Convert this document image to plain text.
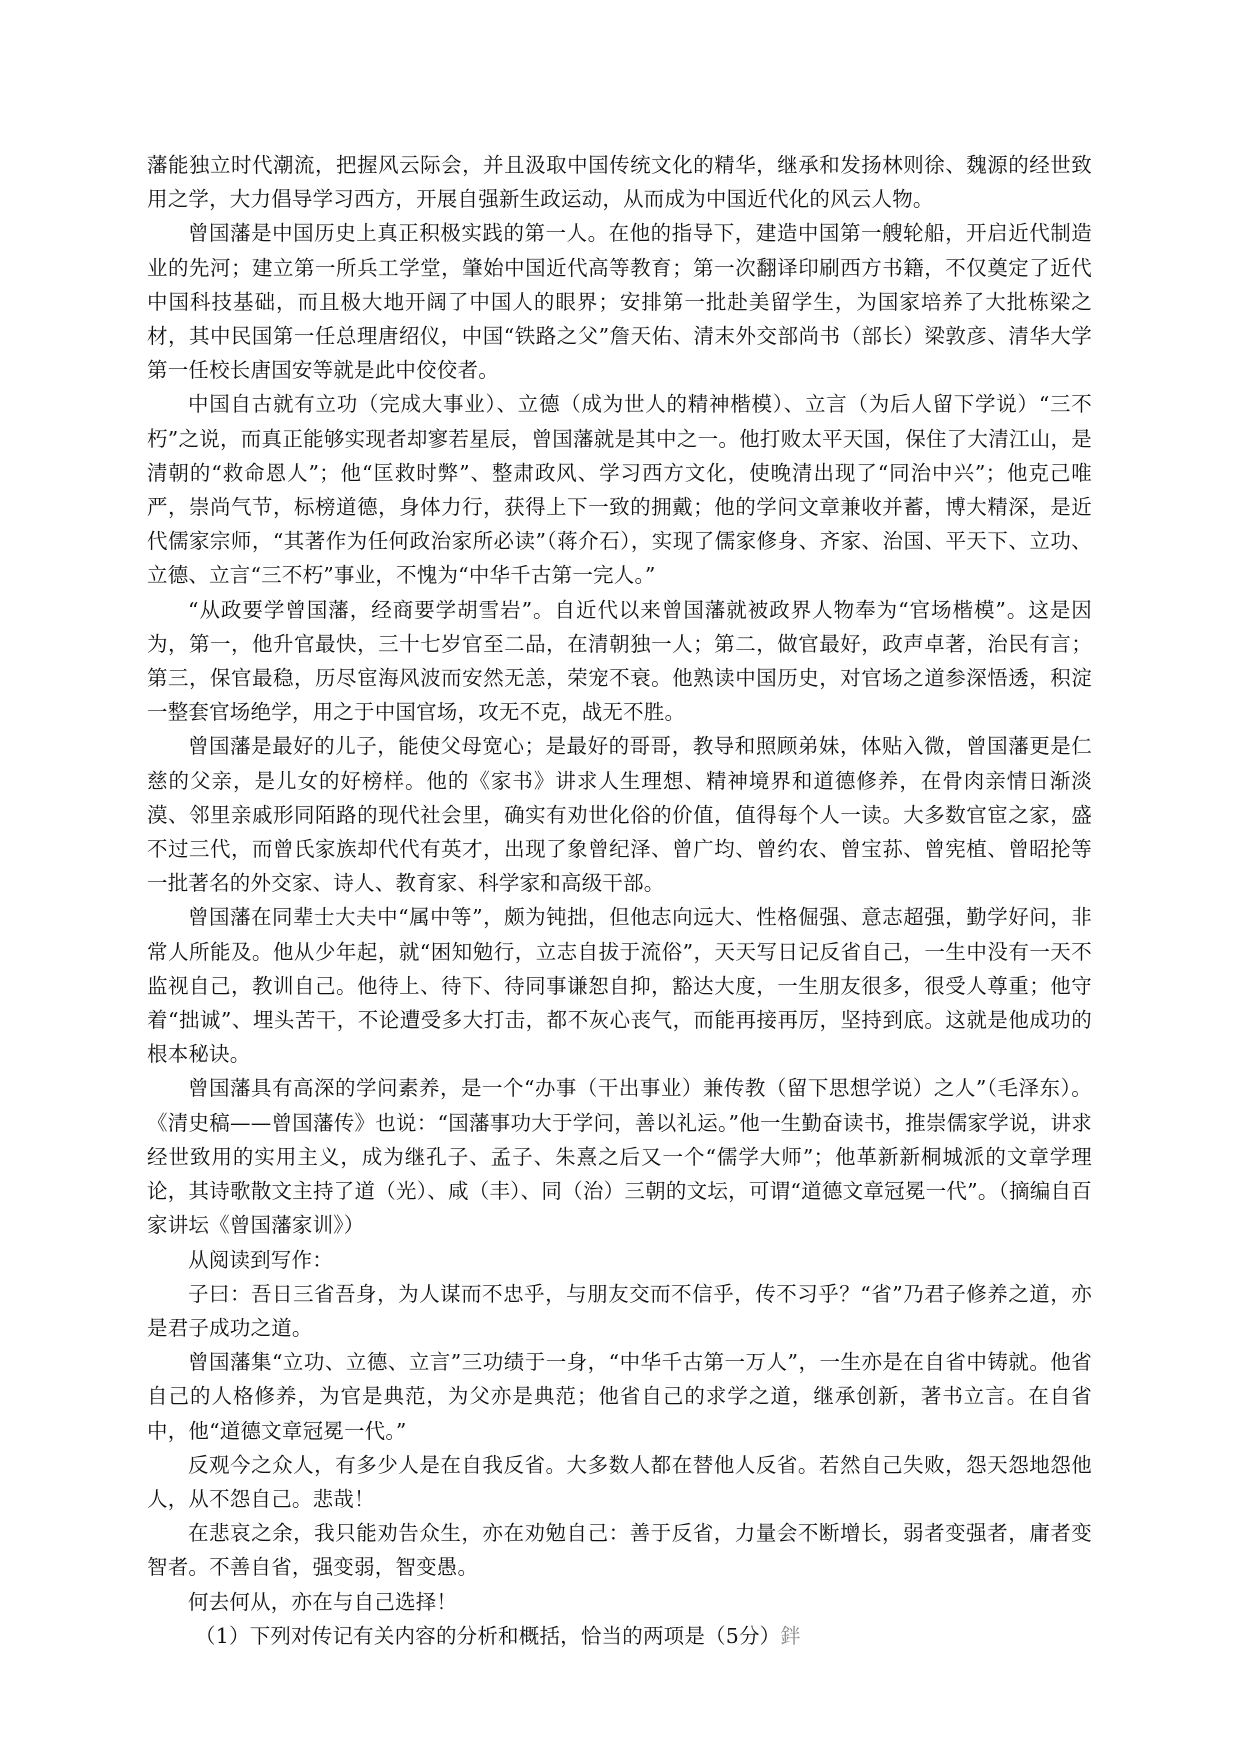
藩能独立时代潮流，把握风云际会，并且汲取中国传统文化的精华，继承和发扬林则徐、魏源的经世致用之学，大力倡导学习西方，开展自强新生政运动，从而成为中国近代化的风云人物。

曾国藩是中国历史上真正积极实践的第一人。在他的指导下，建造中国第一艘轮船，开启近代制造业的先河；建立第一所兵工学堂，肇始中国近代高等教育；第一次翻译印刷西方书籍，不仅奠定了近代中国科技基础，而且极大地开阔了中国人的眼界；安排第一批赴美留学生，为国家培养了大批栋梁之材，其中民国第一任总理唐绍仪，中国“铁路之父”詹天佑、清末外交部尚书（部长）梁敦彦、清华大学第一任校长唐国安等就是此中佼佼者。

中国自古就有立功（完成大事业）、立德（成为世人的精神楷模）、立言（为后人留下学说）“三不朽”之说，而真正能够实现者却寥若星辰，曾国藩就是其中之一。他打败太平天国，保住了大清江山，是清朝的“救命恩人”；他“匡救时弊”、整肃政风、学习西方文化，使晚清出现了“同治中兴”；他克己唯严，崇尚气节，标榜道德，身体力行，获得上下一致的拥戴；他的学问文章兼收并蓄，博大精深，是近代儒家宗师，“其著作为任何政治家所必读”（蒋介石），实现了儒家修身、齐家、治国、平天下、立功、立德、立言“三不朽”事业，不愧为“中华千古第一完人。”

“从政要学曾国藩，经商要学胡雪岩”。自近代以来曾国藩就被政界人物奉为“官场楷模”。这是因为，第一，他升官最快，三十七岁官至二品，在清朝独一人；第二，做官最好，政声卓著，治民有言；第三，保官最稳，历尽宦海风波而安然无恙，荣宠不衰。他熟读中国历史，对官场之道参深悟透，积淀一整套官场绝学，用之于中国官场，攻无不克，战无不胜。

曾国藩是最好的儿子，能使父母宽心；是最好的哥哥，教导和照顾弟妹，体贴入微，曾国藩更是仁慈的父亲，是儿女的好榜样。他的《家书》讲求人生理想、精神境界和道德修养，在骨肉亲情日渐淡漠、邻里亲戚形同陌路的现代社会里，确实有劝世化俗的价值，值得每个人一读。大多数官宦之家，盛不过三代，而曾氏家族却代代有英才，出现了象曾纪泽、曾广均、曾约农、曾宝荪、曾宪植、曾昭抡等一批著名的外交家、诗人、教育家、科学家和高级干部。

曾国藩在同辈士大夫中“属中等”，颇为钝拙，但他志向远大、性格倔强、意志超强，勤学好问，非常人所能及。他从少年起，就“困知勉行，立志自拔于流俗”，天天写日记反省自己，一生中没有一天不监视自己，教训自己。他待上、待下、待同事谦恕自抑，豁达大度，一生朋友很多，很受人尊重；他守着“拙诚”、埋头苦干，不论遭受多大打击，都不灰心丧气，而能再接再厉，坚持到底。这就是他成功的根本秘诀。

曾国藩具有高深的学问素养，是一个“办事（干出事业）兼传教（留下思想学说）之人”（毛泽东）。《清史稿——曾国藩传》也说：“国藩事功大于学问，善以礼运。”他一生勤奋读书，推崇儒家学说，讲求经世致用的实用主义，成为继孔子、孟子、朱熹之后又一个“儒学大师”；他革新新桐城派的文章学理论，其诗歌散文主持了道（光）、咸（丰）、同（治）三朝的文坛，可谓“道德文章冠冕一代”。（摘编自百家讲坛《曾国藩家训》）

从阅读到写作：

子曰：吾日三省吾身，为人谋而不忠乎，与朋友交而不信乎，传不习乎？“省”乃君子修养之道，亦是君子成功之道。

曾国藩集“立功、立德、立言”三功绩于一身，“中华千古第一万人”，一生亦是在自省中铸就。他省自己的人格修养，为官是典范，为父亦是典范；他省自己的求学之道，继承创新，著书立言。在自省中，他“道德文章冠冕一代。”

反观今之众人，有多少人是在自我反省。大多数人都在替他人反省。若然自己失败，怨天怨地怨他人，从不怨自己。悲哉！

在悲哀之余，我只能劝告众生，亦在劝勉自己：善于反省，力量会不断增长，弱者变强者，庸者变智者。不善自省，强变弱，智变愚。

何去何从，亦在与自己选择！

（1）下列对传记有关内容的分析和概括，恰当的两项是（5分）鉡
